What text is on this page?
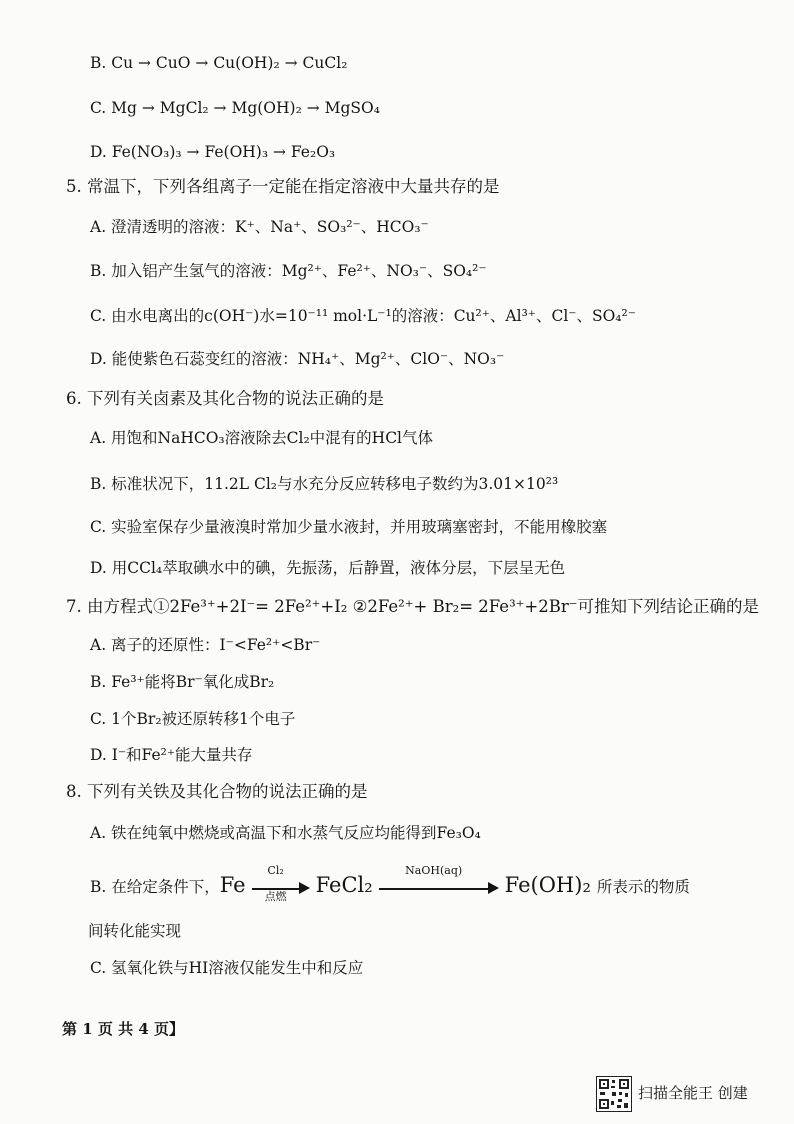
B. Cu → CuO → Cu(OH)₂ → CuCl₂
C. Mg → MgCl₂ → Mg(OH)₂ → MgSO₄
D. Fe(NO₃)₃ → Fe(OH)₃ → Fe₂O₃
5. 常温下，下列各组离子一定能在指定溶液中大量共存的是
A. 澄清透明的溶液：K⁺、Na⁺、SO₃²⁻、HCO₃⁻
B. 加入铝产生氢气的溶液：Mg²⁺、Fe²⁺、NO₃⁻、SO₄²⁻
C. 由水电离出的c(OH⁻)水=10⁻¹¹ mol·L⁻¹的溶液：Cu²⁺、Al³⁺、Cl⁻、SO₄²⁻
D. 能使紫色石蕊变红的溶液：NH₄⁺、Mg²⁺、ClO⁻、NO₃⁻
6. 下列有关卤素及其化合物的说法正确的是
A. 用饱和NaHCO₃溶液除去Cl₂中混有的HCl气体
B. 标准状况下，11.2L Cl₂与水充分反应转移电子数约为3.01×10²³
C. 实验室保存少量液溴时常加少量水液封，并用玻璃塞密封，不能用橡胶塞
D. 用CCl₄萃取碘水中的碘，先振荡，后静置，液体分层，下层呈无色
7. 由方程式①2Fe³⁺+2I⁻= 2Fe²⁺+I₂ ②2Fe²⁺+ Br₂= 2Fe³⁺+2Br⁻可推知下列结论正确的是
A. 离子的还原性：I⁻<Fe²⁺<Br⁻
B. Fe³⁺能将Br⁻氧化成Br₂
C. 1个Br₂被还原转移1个电子
D. I⁻和Fe²⁺能大量共存
8. 下列有关铁及其化合物的说法正确的是
A. 铁在纯氧中燃烧或高温下和水蒸气反应均能得到Fe₃O₄
B. 在给定条件下，Fe
Cl₂
点燃	FeCl₂
NaOH(aq)
Fe(OH)₂ 所表示的物质
间转化能实现
C. 氢氧化铁与HI溶液仅能发生中和反应
第 1 页 共 4 页】
扫描全能王 创建
